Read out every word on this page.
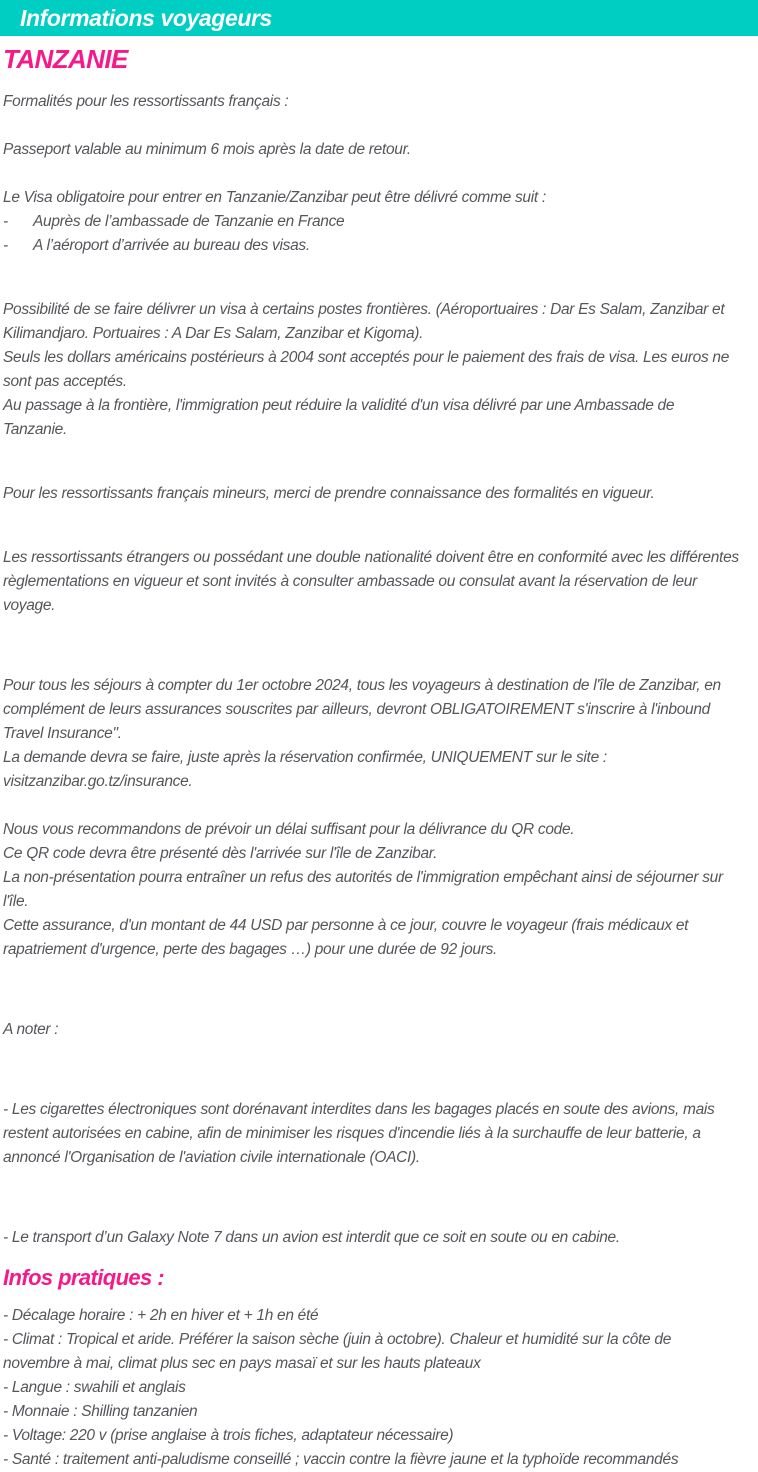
Informations voyageurs
TANZANIE

Formalités pour les ressortissants français :

Passeport valable au minimum 6 mois après la date de retour.

Le Visa obligatoire pour entrer en Tanzanie/Zanzibar peut être délivré comme suit :

-	Auprès de l’ambassade de Tanzanie en France
-	A l’aéroport d’arrivée au bureau des visas.

Possibilité de se faire délivrer un visa à certains postes frontières. (Aéroportuaires : Dar Es Salam, Zanzibar et Kilimandjaro. Portuaires : A Dar Es Salam, Zanzibar et Kigoma).

Seuls les dollars américains postérieurs à 2004 sont acceptés pour le paiement des frais de visa. Les euros ne sont pas acceptés.

Au passage à la frontière, l'immigration peut réduire la validité d'un visa délivré par une Ambassade de Tanzanie.

Pour les ressortissants français mineurs, merci de prendre connaissance des formalités en vigueur.

Les ressortissants étrangers ou possédant une double nationalité doivent être en conformité avec les différentes règlementations en vigueur et sont invités à consulter ambassade ou consulat avant la réservation de leur voyage.

Pour tous les séjours à compter du 1er octobre 2024, tous les voyageurs à destination de l'île de Zanzibar, en complément de leurs assurances souscrites par ailleurs, devront OBLIGATOIREMENT s'inscrire à l'inbound Travel Insurance".

La demande devra se faire, juste après la réservation confirmée, UNIQUEMENT sur le site :

visitzanzibar.go.tz/insurance.

Nous vous recommandons de prévoir un délai suffisant pour la délivrance du QR code.

Ce QR code devra être présenté dès l'arrivée sur l'île de Zanzibar.

La non-présentation pourra entraîner un refus des autorités de l'immigration empêchant ainsi de séjourner sur l'île.

Cette assurance, d'un montant de 44 USD par personne à ce jour, couvre le voyageur (frais médicaux et rapatriement d'urgence, perte des bagages …) pour une durée de 92 jours.

A noter :

- Les cigarettes électroniques sont dorénavant interdites dans les bagages placés en soute des avions, mais restent autorisées en cabine, afin de minimiser les risques d'incendie liés à la surchauffe de leur batterie, a annoncé l'Organisation de l'aviation civile internationale (OACI).

- Le transport d’un Galaxy Note 7 dans un avion est interdit que ce soit en soute ou en cabine.

Infos pratiques :

- Décalage horaire : + 2h en hiver et + 1h en été

- Climat : Tropical et aride. Préférer la saison sèche (juin à octobre). Chaleur et humidité sur la côte de novembre à mai, climat plus sec en pays masaï et sur les hauts plateaux

- Langue : swahili et anglais

- Monnaie : Shilling tanzanien

- Voltage: 220 v (prise anglaise à trois fiches, adaptateur nécessaire)

- Santé : traitement anti-paludisme conseillé ; vaccin contre la fièvre jaune et la typhoïde recommandés
